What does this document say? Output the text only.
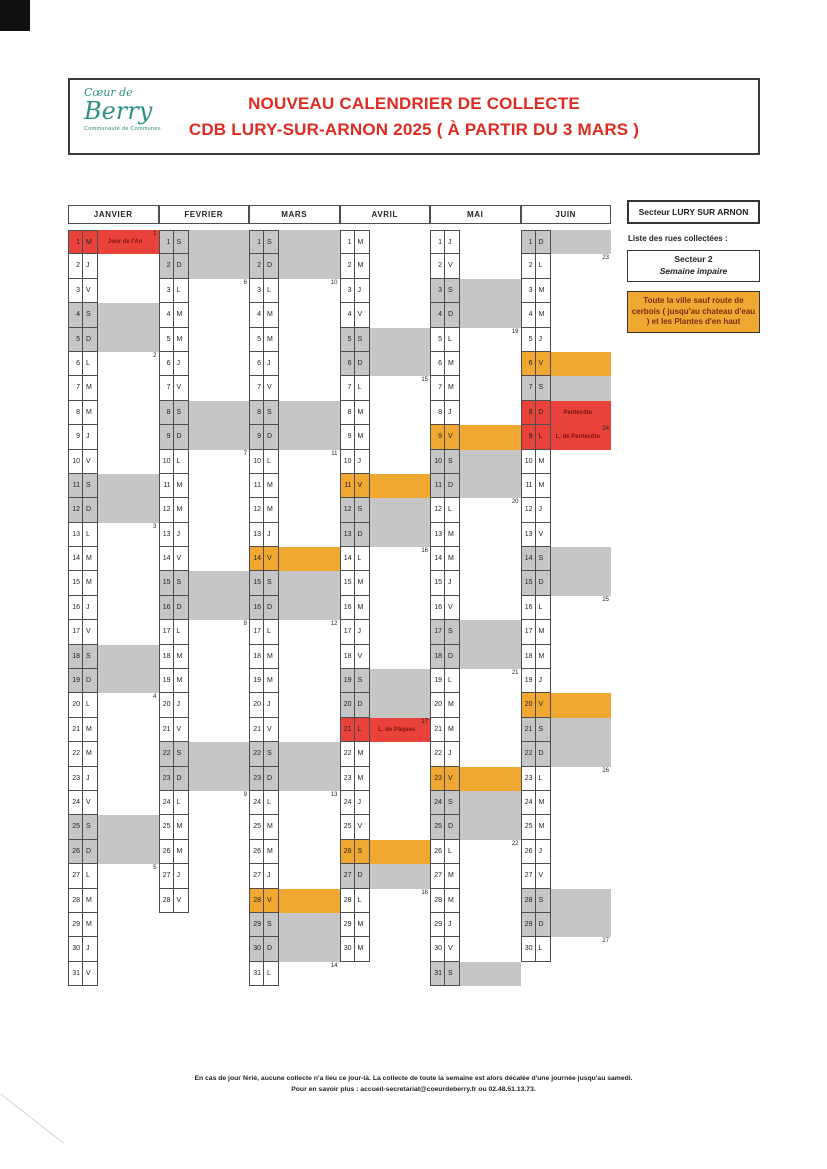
Cœur de
Berry
Communauté de Communes
NOUVEAU CALENDRIER DE COLLECTE
CDB LURY-SUR-ARNON 2025 ( À PARTIR DU 3 MARS )
JANVIER
1 M	Jour de l'An
1
2 J
3 V
4 S
5 D
6 L
2
7 M
8 M
9 J
10 V
11 S
12 D
13 L
3
14 M
15 M
16 J
17 V
18 S
19 D
20 L
4
21 M
22 M
23 J
24 V
25 S
26 D
27 L
5
28 M
29 M
30 J
31 V
FEVRIER
1 S
2 D
3 L
6
4 M
5 M
6 J
7 V
8 S
9 D
10 L
7
11 M
12 M
13 J
14 V
15 S
16 D
17 L
8
18 M
19 M
20 J
21 V
22 S
23 D
24 L
9
25 M
26 M
27 J
28 V
MARS
1 S
2 D
3 L
10
4 M
5 M
6 J
7 V
8 S
9 D
10 L
11
11 M
12 M
13 J
14 V
15 S
16 D
17 L
12
18 M
19 M
20 J
21 V
22 S
23 D
24 L
13
25 M
26 M
27 J
28 V
29 S
30 D
31 L
14
AVRIL
1 M
2 M
3 J
4 V
5 S
6 D
7 L
15
8 M
9 M
10 J
11 V
12 S
13 D
14 L
16
15 M
16 M
17 J
18 V
19 S
20 D
21 L	L. de Pâques
17
22 M
23 M
24 J
25 V
26 S
27 D
28 L
18
29 M
30 M
MAI
1 J
2 V
3 S
4 D
5 L
19
6 M
7 M
8 J
9 V
10 S
11 D
12 L
20
13 M
14 M
15 J
16 V
17 S
18 D
19 L
21
20 M
21 M
22 J
23 V
24 S
25 D
26 L
22
27 M
28 M
29 J
30 V
31 S
JUIN
1 D
2 L
23
3 M
4 M
5 J
6 V
7 S
8 D	Pentecôte
9 L	L. de Pentecôte
24
10 M
11 M
12 J
13 V
14 S
15 D
16 L
25
17 M
18 M
19 J
20 V
21 S
22 D
23 L
26
24 M
25 M
26 J
27 V
28 S
29 D
30 L
27
Secteur LURY SUR ARNON
Liste des rues collectées :
Secteur 2
Semaine impaire
Toute la ville sauf route de cerbois ( jusqu'au chateau d'eau ) et les Plantes d'en haut
En cas de jour férié, aucune collecte n'a lieu ce jour-là. La collecte de toute la semaine est alors décalée d'une journée jusqu'au samedi.
Pour en savoir plus : accueil-secretariat@coeurdeberry.fr ou 02.48.51.13.73.
